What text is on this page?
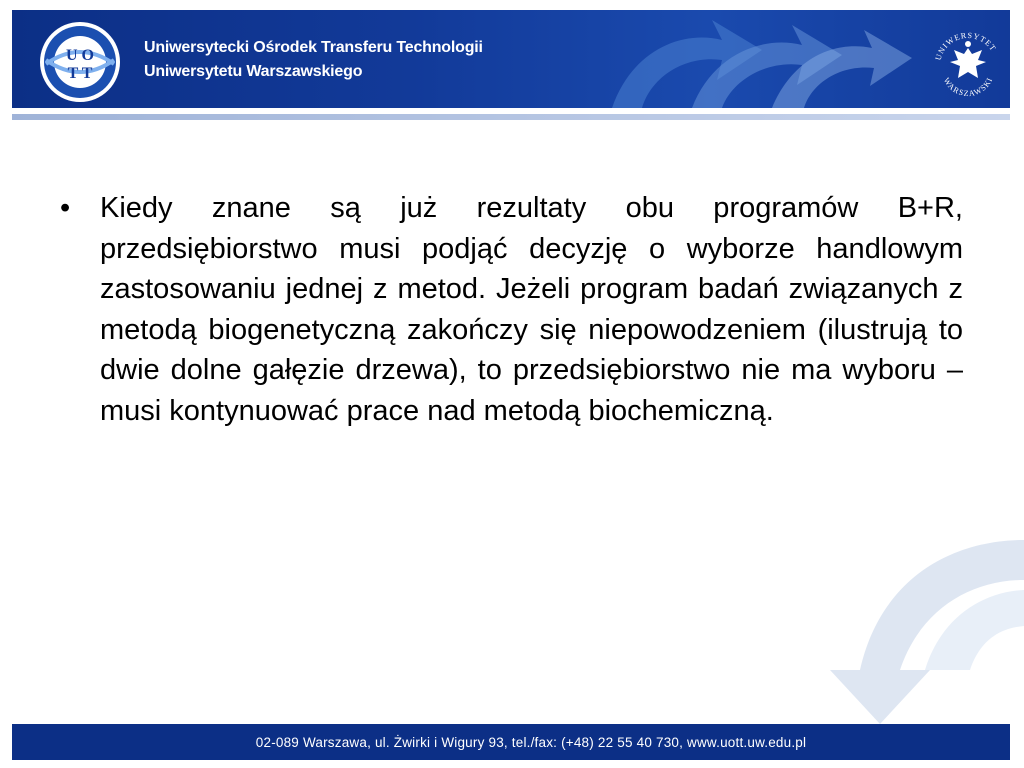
U O
T T
Uniwersytecki Ośrodek Transferu Technologii
Uniwersytetu Warszawskiego
UNIWERSYTET
WARSZAWSKI
•	Kiedy znane są już rezultaty obu programów B+R, przedsiębiorstwo musi podjąć decyzję o wyborze handlowym zastosowaniu jednej z metod. Jeżeli program badań związanych z metodą biogenetyczną zakończy się niepowodzeniem (ilustrują to dwie dolne gałęzie drzewa), to przedsiębiorstwo nie ma wyboru – musi kontynuować prace nad metodą biochemiczną.

02-089 Warszawa, ul. Żwirki i Wigury 93, tel./fax: (+48) 22 55 40 730, www.uott.uw.edu.pl
